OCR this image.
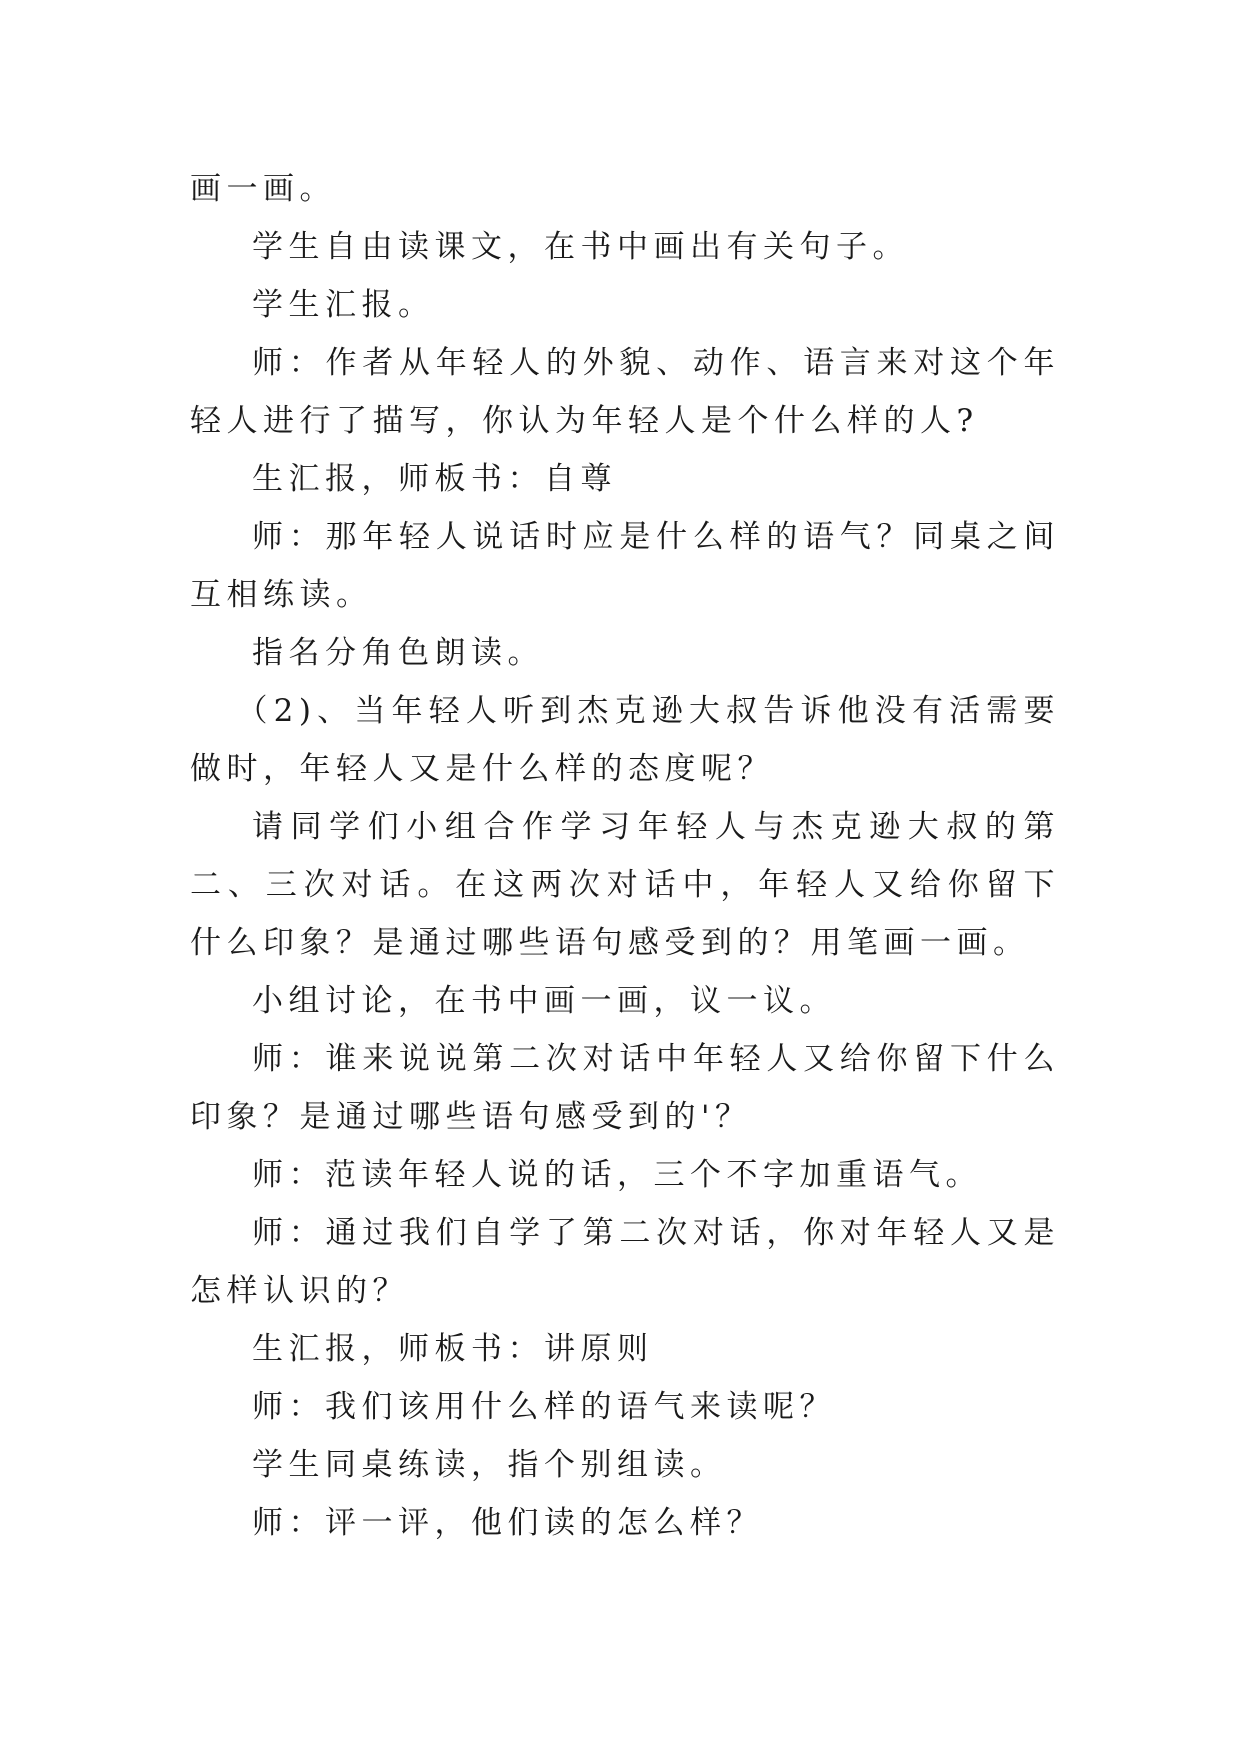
画一画。

学生自由读课文，在书中画出有关句子。

学生汇报。

师：作者从年轻人的外貌、动作、语言来对这个年轻人进行了描写，你认为年轻人是个什么样的人?

生汇报，师板书：自尊

师：那年轻人说话时应是什么样的语气？同桌之间互相练读。

指名分角色朗读。

（2)、当年轻人听到杰克逊大叔告诉他没有活需要做时，年轻人又是什么样的态度呢？

请同学们小组合作学习年轻人与杰克逊大叔的第二、三次对话。在这两次对话中，年轻人又给你留下什么印象？是通过哪些语句感受到的？用笔画一画。

小组讨论，在书中画一画，议一议。

师：谁来说说第二次对话中年轻人又给你留下什么印象？是通过哪些语句感受到的'？

师：范读年轻人说的话，三个不字加重语气。

师：通过我们自学了第二次对话，你对年轻人又是怎样认识的？

生汇报，师板书：讲原则

师：我们该用什么样的语气来读呢？

学生同桌练读，指个别组读。

师：评一评，他们读的怎么样？
